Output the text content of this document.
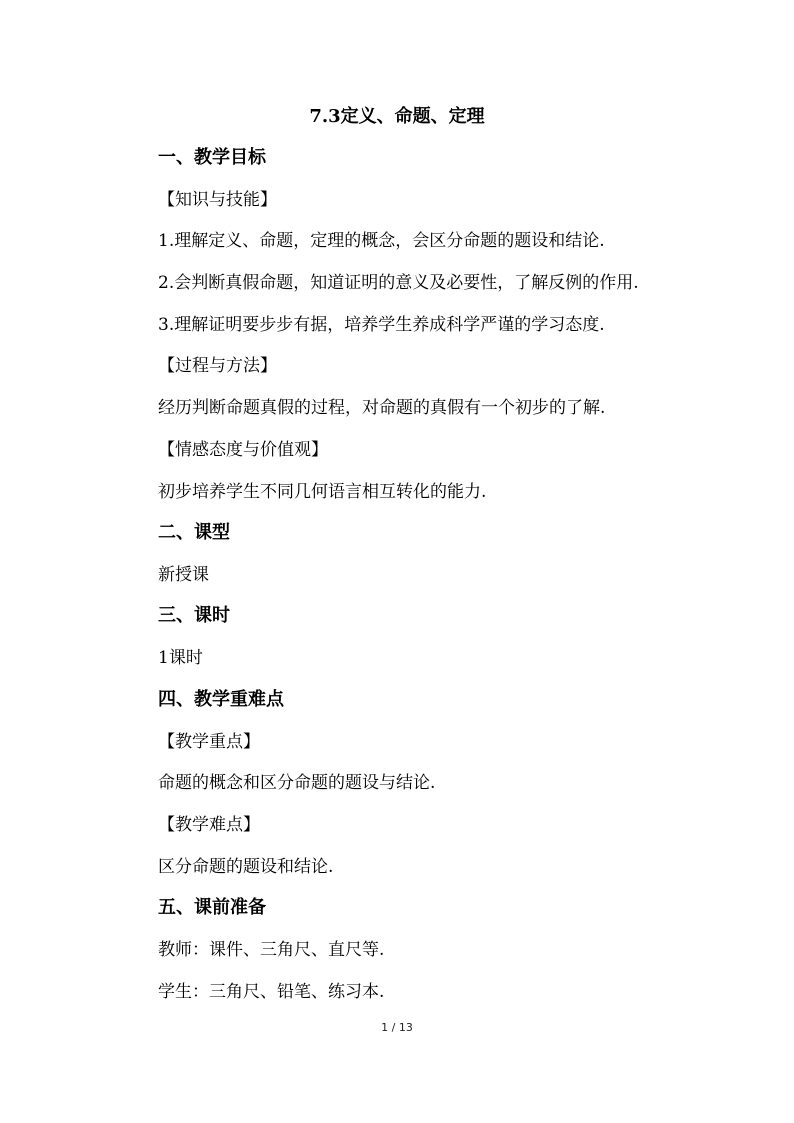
7.3定义、命题、定理
一、教学目标
【知识与技能】
1.理解定义、命题，定理的概念，会区分命题的题设和结论.
2.会判断真假命题，知道证明的意义及必要性，了解反例的作用.
3.理解证明要步步有据，培养学生养成科学严谨的学习态度.
【过程与方法】
经历判断命题真假的过程，对命题的真假有一个初步的了解.
【情感态度与价值观】
初步培养学生不同几何语言相互转化的能力.
二、课型
新授课
三、课时
1课时
四、教学重难点
【教学重点】
命题的概念和区分命题的题设与结论.
【教学难点】
区分命题的题设和结论.
五、课前准备
教师：课件、三角尺、直尺等.
学生：三角尺、铅笔、练习本.
1 / 13
